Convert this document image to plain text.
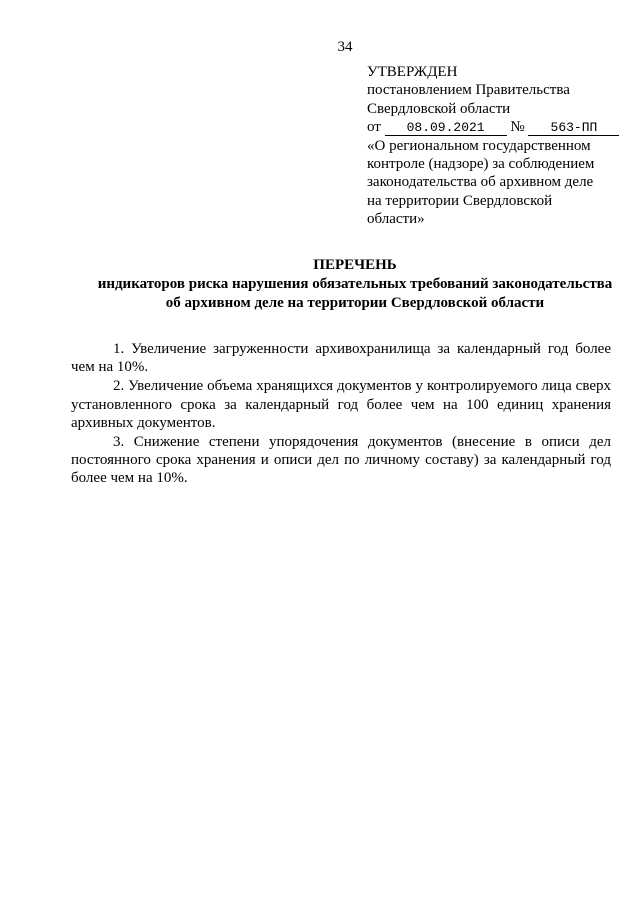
34
УТВЕРЖДЕН
постановлением Правительства
Свердловской области
от 08.09.2021 № 563-ПП
«О региональном государственном
контроле (надзоре) за соблюдением
законодательства об архивном деле
на территории Свердловской
области»
ПЕРЕЧЕНЬ
индикаторов риска нарушения обязательных требований законодательства
об архивном деле на территории Свердловской области

1. Увеличение загруженности архивохранилища за календарный год более чем на 10%.

2. Увеличение объема хранящихся документов у контролируемого лица сверх установленного срока за календарный год более чем на 100 единиц хранения архивных документов.

3. Снижение степени упорядочения документов (внесение в описи дел постоянного срока хранения и описи дел по личному составу) за календарный год более чем на 10%.
